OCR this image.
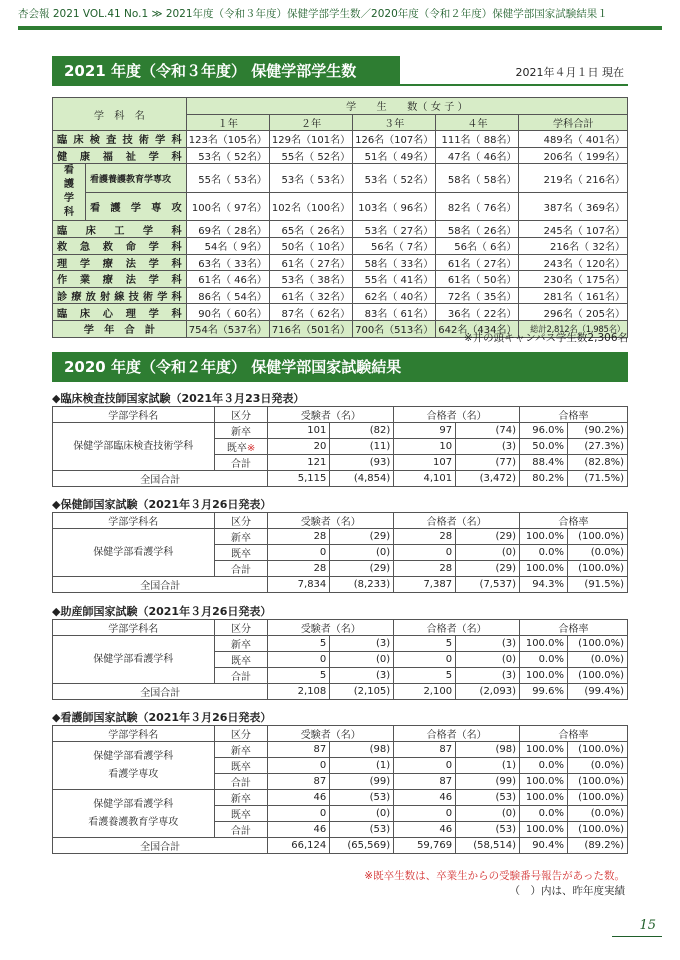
杏会報 2021 VOL.41 No.1 ≫ 2021年度（令和３年度）保健学部学生数／2020年度（令和２年度）保健学部国家試験結果１
2021 年度（令和３年度） 保健学部学生数	2021年４月１日 現在
学　科　名		学　　生　　数（ 女 子 ）				
		１年	２年	３年	４年	学科合計
臨床検査技術学科		123名（105名）	129名（101名）	126名（107名）	111名（ 88名）	489名（ 401名）
健康福祉学科		53名（ 52名）	55名（ 52名）	51名（ 49名）	47名（ 46名）	206名（ 199名）
看護学科	看護養護教育学専攻	55名（ 53名）	53名（ 53名）	53名（ 52名）	58名（ 58名）	219名（ 216名）
	看護学専攻	100名（ 97名）	102名（100名）	103名（ 96名）	82名（ 76名）	387名（ 369名）
臨床工学科		69名（ 28名）	65名（ 26名）	53名（ 27名）	58名（ 26名）	245名（ 107名）
救急救命学科		54名（ 9名）	50名（ 10名）	56名（ 7名）	56名（ 6名）	216名（ 32名）
理学療法学科		63名（ 33名）	61名（ 27名）	58名（ 33名）	61名（ 27名）	243名（ 120名）
作業療法学科		61名（ 46名）	53名（ 38名）	55名（ 41名）	61名（ 50名）	230名（ 175名）
診療放射線技術学科		86名（ 54名）	61名（ 32名）	62名（ 40名）	72名（ 35名）	281名（ 161名）
臨床心理学科		90名（ 60名）	87名（ 62名）	83名（ 61名）	36名（ 22名）	296名（ 205名）
学　年　合　計		754名（537名）	716名（501名）	700名（513名）	642名（434名）	総計2,812名（1,985名）
※井の頭キャンパス学生数2,306名
2020 年度（令和２年度） 保健学部国家試験結果
◆臨床検査技師国家試験（2021年３月23日発表）
学部学科名	区分	受験者（名）		合格者（名）		合格率	

保健学部臨床検査技術学科	新卒	101	(82)	97	(74)	96.0%	(90.2%)
	既卒※	20	(11)	10	(3)	50.0%	(27.3%)
	合計	121	(93)	107	(77)	88.4%	(82.8%)
全国合計		5,115	(4,854)	4,101	(3,472)	80.2%	(71.5%)
◆保健師国家試験（2021年３月26日発表）
学部学科名	区分	受験者（名）		合格者（名）		合格率	

保健学部看護学科	新卒	28	(29)	28	(29)	100.0%	(100.0%)
	既卒	0	(0)	0	(0)	0.0%	(0.0%)
	合計	28	(29)	28	(29)	100.0%	(100.0%)
全国合計		7,834	(8,233)	7,387	(7,537)	94.3%	(91.5%)
◆助産師国家試験（2021年３月26日発表）
学部学科名	区分	受験者（名）		合格者（名）		合格率	

保健学部看護学科	新卒	5	(3)	5	(3)	100.0%	(100.0%)
	既卒	0	(0)	0	(0)	0.0%	(0.0%)
	合計	5	(3)	5	(3)	100.0%	(100.0%)
全国合計		2,108	(2,105)	2,100	(2,093)	99.6%	(99.4%)
◆看護師国家試験（2021年３月26日発表）
学部学科名	区分	受験者（名）		合格者（名）		合格率	

保健学部看護学科
看護学専攻	新卒	87	(98)	87	(98)	100.0%	(100.0%)
	既卒	0	(1)	0	(1)	0.0%	(0.0%)
	合計	87	(99)	87	(99)	100.0%	(100.0%)

保健学部看護学科
看護養護教育学専攻	新卒	46	(53)	46	(53)	100.0%	(100.0%)
	既卒	0	(0)	0	(0)	0.0%	(0.0%)
	合計	46	(53)	46	(53)	100.0%	(100.0%)
全国合計		66,124	(65,569)	59,769	(58,514)	90.4%	(89.2%)
※既卒生数は、卒業生からの受験番号報告があった数。
（　）内は、昨年度実績
15
